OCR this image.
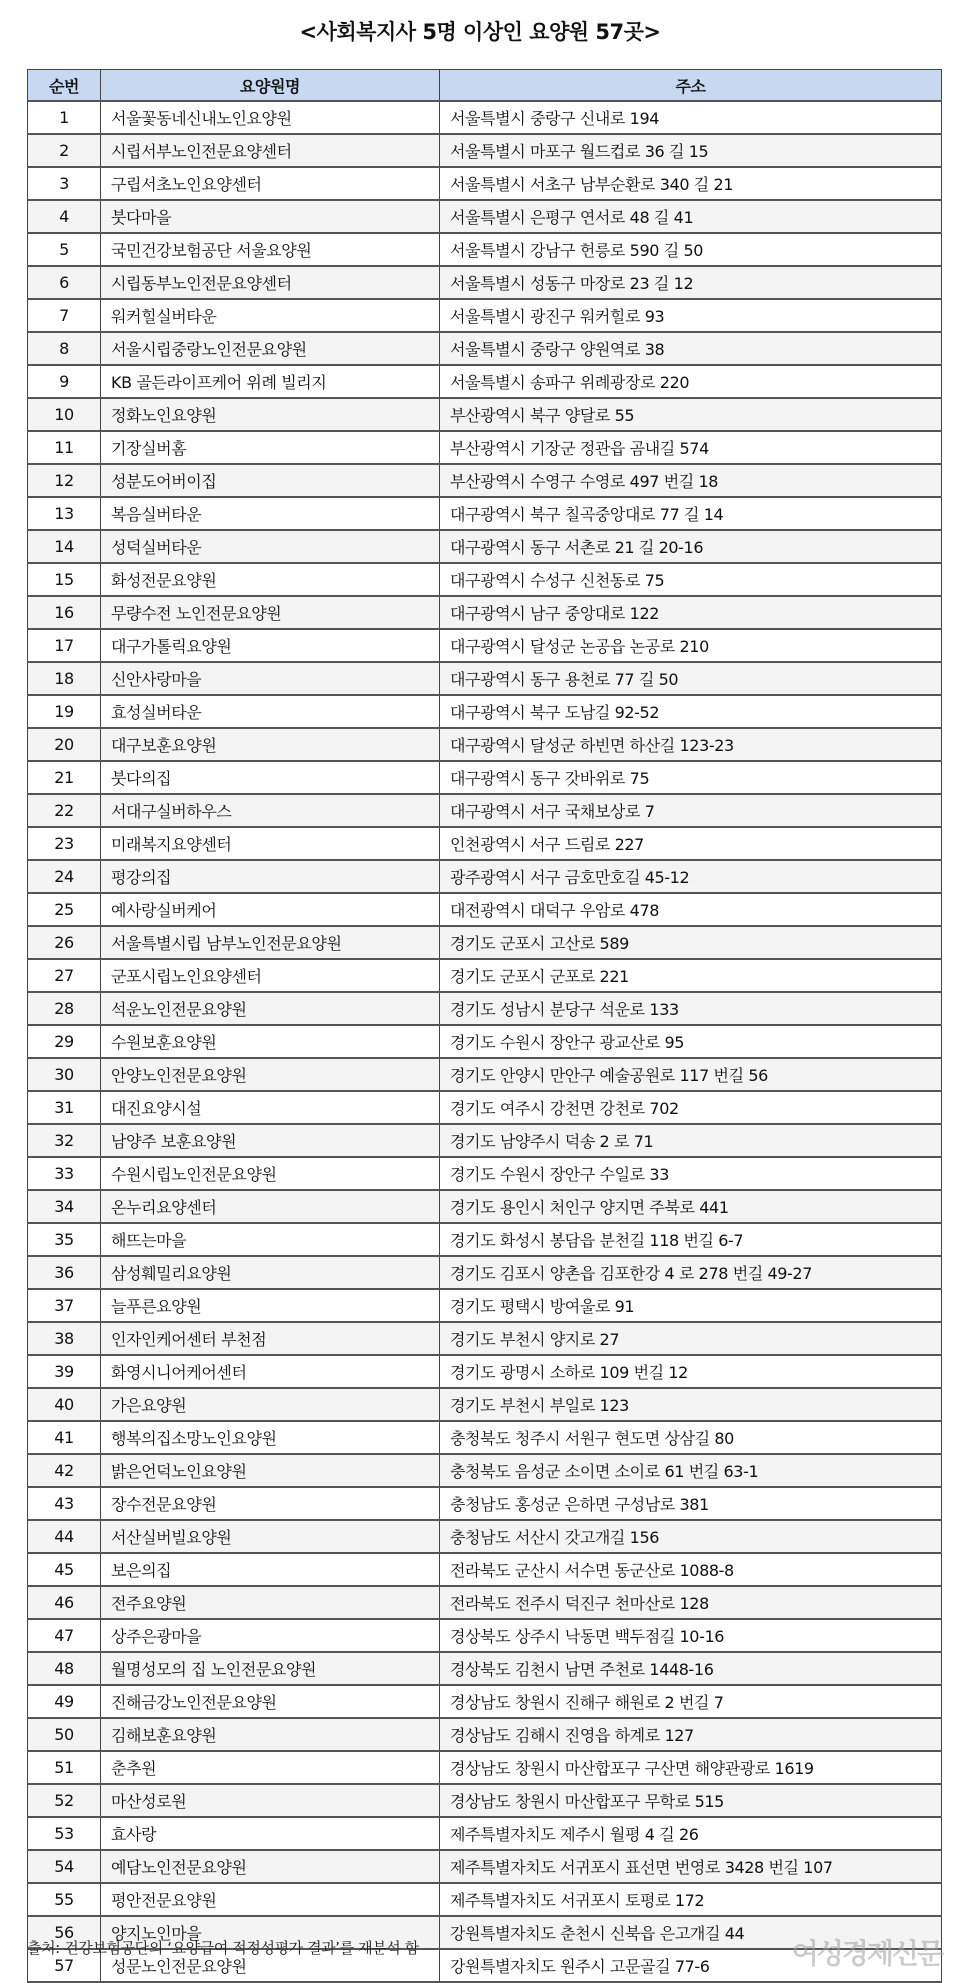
<사회복지사 5명 이상인 요양원 57곳>
순번	요양원명	주소
1	서울꽃동네신내노인요양원	서울특별시 중랑구 신내로 194
2	시립서부노인전문요양센터	서울특별시 마포구 월드컵로 36 길 15
3	구립서초노인요양센터	서울특별시 서초구 남부순환로 340 길 21
4	붓다마을	서울특별시 은평구 연서로 48 길 41
5	국민건강보험공단 서울요양원	서울특별시 강남구 헌릉로 590 길 50
6	시립동부노인전문요양센터	서울특별시 성동구 마장로 23 길 12
7	워커힐실버타운	서울특별시 광진구 워커힐로 93
8	서울시립중랑노인전문요양원	서울특별시 중랑구 양원역로 38
9	KB 골든라이프케어 위례 빌리지	서울특별시 송파구 위례광장로 220
10	정화노인요양원	부산광역시 북구 양달로 55
11	기장실버홈	부산광역시 기장군 정관읍 곰내길 574
12	성분도어버이집	부산광역시 수영구 수영로 497 번길 18
13	복음실버타운	대구광역시 북구 칠곡중앙대로 77 길 14
14	성덕실버타운	대구광역시 동구 서촌로 21 길 20-16
15	화성전문요양원	대구광역시 수성구 신천동로 75
16	무량수전 노인전문요양원	대구광역시 남구 중앙대로 122
17	대구가톨릭요양원	대구광역시 달성군 논공읍 논공로 210
18	신안사랑마을	대구광역시 동구 용천로 77 길 50
19	효성실버타운	대구광역시 북구 도남길 92-52
20	대구보훈요양원	대구광역시 달성군 하빈면 하산길 123-23
21	붓다의집	대구광역시 동구 갓바위로 75
22	서대구실버하우스	대구광역시 서구 국채보상로 7
23	미래복지요양센터	인천광역시 서구 드림로 227
24	평강의집	광주광역시 서구 금호만호길 45-12
25	예사랑실버케어	대전광역시 대덕구 우암로 478
26	서울특별시립 남부노인전문요양원	경기도 군포시 고산로 589
27	군포시립노인요양센터	경기도 군포시 군포로 221
28	석운노인전문요양원	경기도 성남시 분당구 석운로 133
29	수원보훈요양원	경기도 수원시 장안구 광교산로 95
30	안양노인전문요양원	경기도 안양시 만안구 예술공원로 117 번길 56
31	대진요양시설	경기도 여주시 강천면 강천로 702
32	남양주 보훈요양원	경기도 남양주시 덕송 2 로 71
33	수원시립노인전문요양원	경기도 수원시 장안구 수일로 33
34	온누리요양센터	경기도 용인시 처인구 양지면 주북로 441
35	해뜨는마을	경기도 화성시 봉담읍 분천길 118 번길 6-7
36	삼성훼밀리요양원	경기도 김포시 양촌읍 김포한강 4 로 278 번길 49-27
37	늘푸른요양원	경기도 평택시 방여울로 91
38	인자인케어센터 부천점	경기도 부천시 양지로 27
39	화영시니어케어센터	경기도 광명시 소하로 109 번길 12
40	가은요양원	경기도 부천시 부일로 123
41	행복의집소망노인요양원	충청북도 청주시 서원구 현도면 상삼길 80
42	밝은언덕노인요양원	충청북도 음성군 소이면 소이로 61 번길 63-1
43	장수전문요양원	충청남도 홍성군 은하면 구성남로 381
44	서산실버빌요양원	충청남도 서산시 갓고개길 156
45	보은의집	전라북도 군산시 서수면 동군산로 1088-8
46	전주요양원	전라북도 전주시 덕진구 천마산로 128
47	상주은광마을	경상북도 상주시 낙동면 백두점길 10-16
48	월명성모의 집 노인전문요양원	경상북도 김천시 남면 주천로 1448-16
49	진해금강노인전문요양원	경상남도 창원시 진해구 해원로 2 번길 7
50	김해보훈요양원	경상남도 김해시 진영읍 하계로 127
51	춘추원	경상남도 창원시 마산합포구 구산면 해양관광로 1619
52	마산성로원	경상남도 창원시 마산합포구 무학로 515
53	효사랑	제주특별자치도 제주시 월평 4 길 26
54	예담노인전문요양원	제주특별자치도 서귀포시 표선면 번영로 3428 번길 107
55	평안전문요양원	제주특별자치도 서귀포시 토평로 172
56	양지노인마을	강원특별자치도 춘천시 신북읍 은고개길 44
57	성문노인전문요양원	강원특별자치도 원주시 고문골길 77-6
출처: 건강보험공단의 ‘요양급여 적정성평가 결과’를 재분석 함	여성경제신문
